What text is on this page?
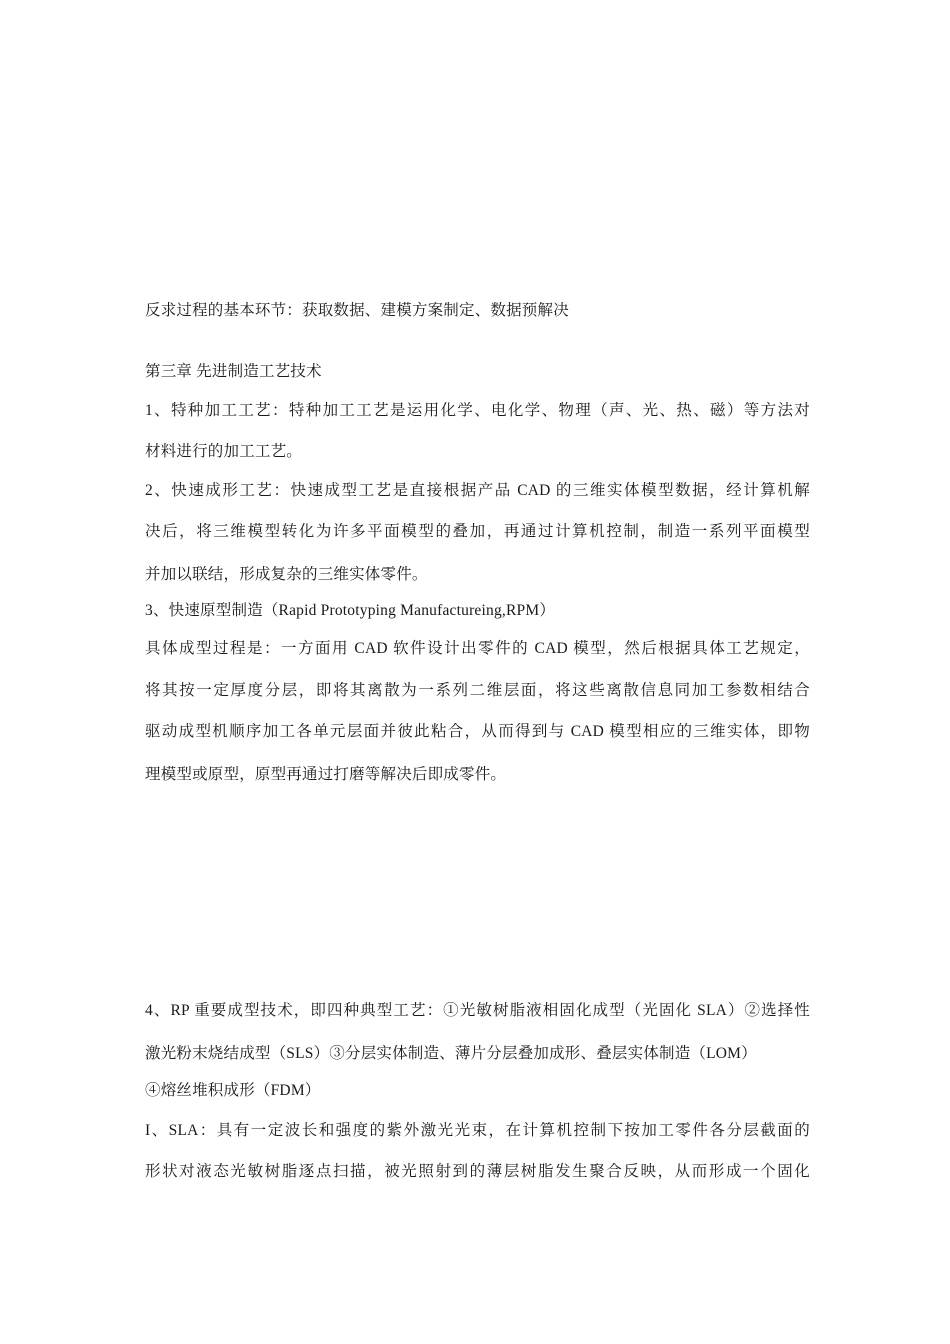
反求过程的基本环节：获取数据、建模方案制定、数据预解决
第三章 先进制造工艺技术
1、特种加工工艺：特种加工工艺是运用化学、电化学、物理（声、光、热、磁）等方法对
材料进行的加工工艺。
2、快速成形工艺：快速成型工艺是直接根据产品 CAD 的三维实体模型数据，经计算机解
决后，将三维模型转化为许多平面模型的叠加，再通过计算机控制，制造一系列平面模型
并加以联结，形成复杂的三维实体零件。
3、快速原型制造（Rapid Prototyping Manufactureing,RPM）
具体成型过程是：一方面用 CAD 软件设计出零件的 CAD 模型，然后根据具体工艺规定，
将其按一定厚度分层，即将其离散为一系列二维层面，将这些离散信息同加工参数相结合
驱动成型机顺序加工各单元层面并彼此粘合，从而得到与 CAD 模型相应的三维实体，即物
理模型或原型，原型再通过打磨等解决后即成零件。
4、RP 重要成型技术，即四种典型工艺：①光敏树脂液相固化成型（光固化 SLA）②选择性
激光粉末烧结成型（SLS）③分层实体制造、薄片分层叠加成形、叠层实体制造（LOM）
④熔丝堆积成形（FDM）
I、SLA：具有一定波长和强度的紫外激光光束，在计算机控制下按加工零件各分层截面的
形状对液态光敏树脂逐点扫描，被光照射到的薄层树脂发生聚合反映，从而形成一个固化
